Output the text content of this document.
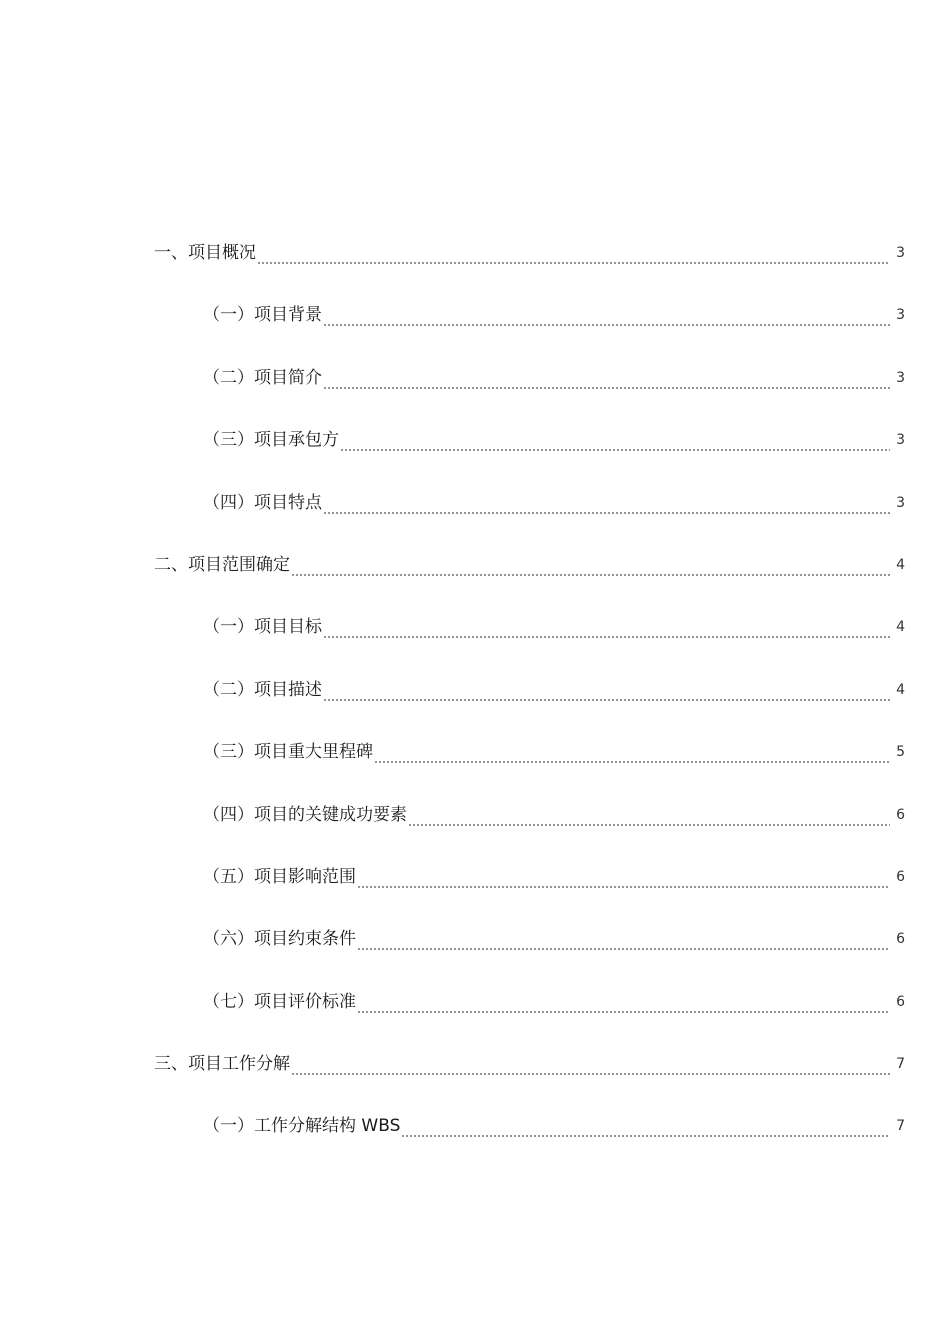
一、项目概况	3
（一）项目背景	3
（二）项目简介	3
（三）项目承包方	3
（四）项目特点	3
二、项目范围确定	4
（一）项目目标	4
（二）项目描述	4
（三）项目重大里程碑	5
（四）项目的关键成功要素	6
（五）项目影响范围	6
（六）项目约束条件	6
（七）项目评价标准	6
三、项目工作分解	7
（一）工作分解结构 WBS	7
